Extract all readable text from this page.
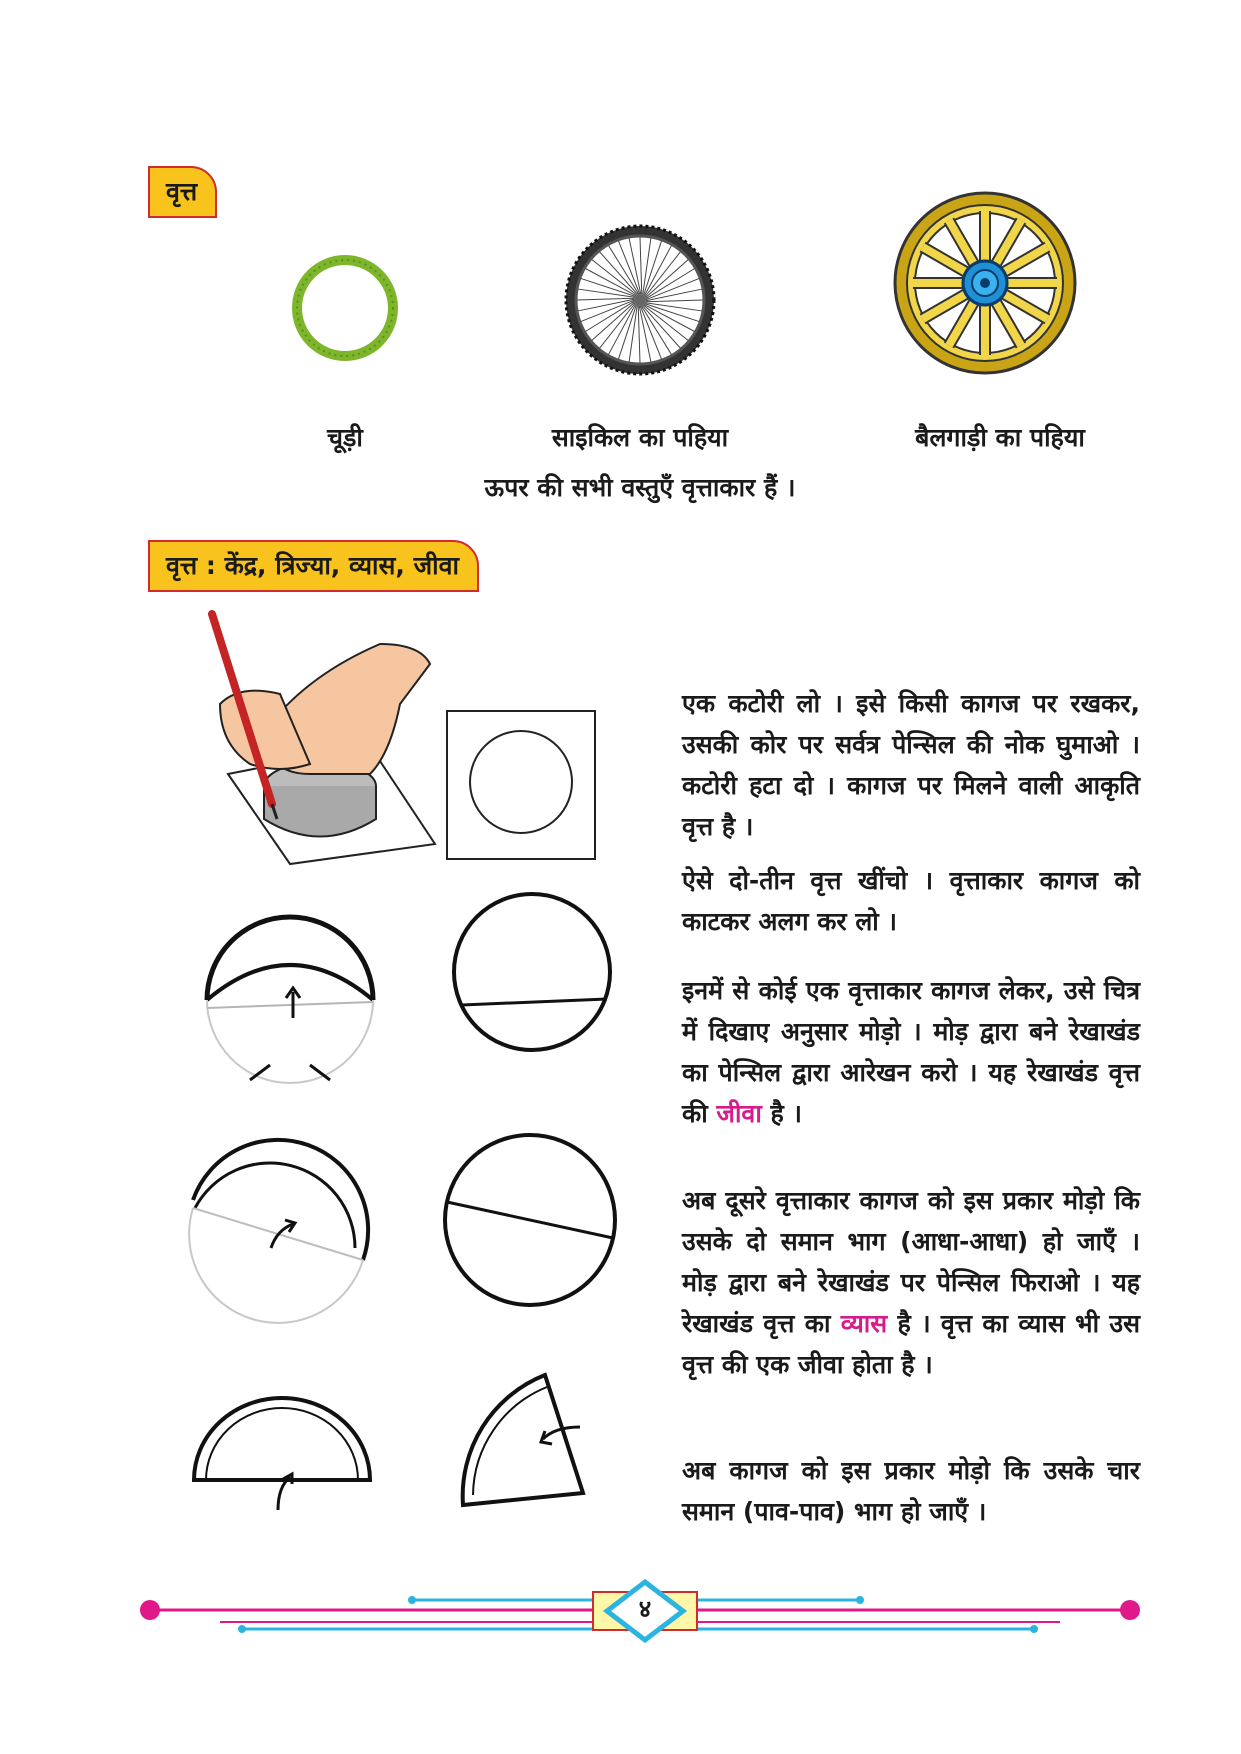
वृत्त
चूड़ी	साइकिल का पहिया	बैलगाड़ी का पहिया
ऊपर की सभी वस्तुएँ वृत्ताकार हैं ।
वृत्त : केंद्र, त्रिज्या, व्यास, जीवा

एक कटोरी लो । इसे किसी कागज पर रखकर, उसकी कोर पर सर्वत्र पेन्सिल की नोक घुमाओ । कटोरी हटा दो । कागज पर मिलने वाली आकृति वृत्त है ।

ऐसे दो-तीन वृत्त खींचो । वृत्ताकार कागज को काटकर अलग कर लो ।

इनमें से कोई एक वृत्ताकार कागज लेकर, उसे चित्र में दिखाए अनुसार मोड़ो । मोड़ द्वारा बने रेखाखंड का पेन्सिल द्वारा आरेखन करो । यह रेखाखंड वृत्त की जीवा है ।

अब दूसरे वृत्ताकार कागज को इस प्रकार मोड़ो कि उसके दो समान भाग (आधा-आधा) हो जाएँ । मोड़ द्वारा बने रेखाखंड पर पेन्सिल फिराओ । यह रेखाखंड वृत्त का व्यास है । वृत्त का व्यास भी उस वृत्त की एक जीवा होता है ।

अब कागज को इस प्रकार मोड़ो कि उसके चार समान (पाव-पाव) भाग हो जाएँ ।

४
